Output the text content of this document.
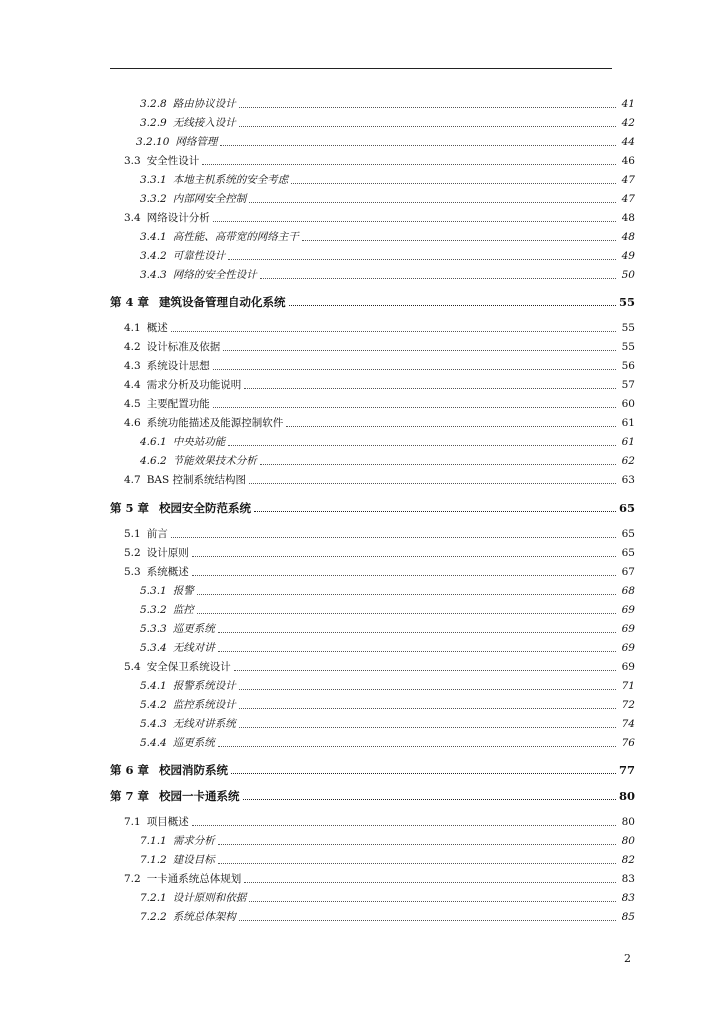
3.2.8 路由协议设计	41
3.2.9 无线接入设计	42
3.2.10 网络管理	44
3.3 安全性设计	46
3.3.1 本地主机系统的安全考虑	47
3.3.2 内部网安全控制	47
3.4 网络设计分析	48
3.4.1 高性能、高带宽的网络主干	48
3.4.2 可靠性设计	49
3.4.3 网络的安全性设计	50
第 4 章 建筑设备管理自动化系统	55
4.1 概述	55
4.2 设计标准及依据	55
4.3 系统设计思想	56
4.4 需求分析及功能说明	57
4.5 主要配置功能	60
4.6 系统功能描述及能源控制软件	61
4.6.1 中央站功能	61
4.6.2 节能效果技术分析	62
4.7 BAS 控制系统结构图	63
第 5 章 校园安全防范系统	65
5.1 前言	65
5.2 设计原则	65
5.3 系统概述	67
5.3.1 报警	68
5.3.2 监控	69
5.3.3 巡更系统	69
5.3.4 无线对讲	69
5.4 安全保卫系统设计	69
5.4.1 报警系统设计	71
5.4.2 监控系统设计	72
5.4.3 无线对讲系统	74
5.4.4 巡更系统	76
第 6 章 校园消防系统	77
第 7 章 校园一卡通系统	80
7.1 项目概述	80
7.1.1 需求分析	80
7.1.2 建设目标	82
7.2 一卡通系统总体规划	83
7.2.1 设计原则和依据	83
7.2.2 系统总体架构	85
2
